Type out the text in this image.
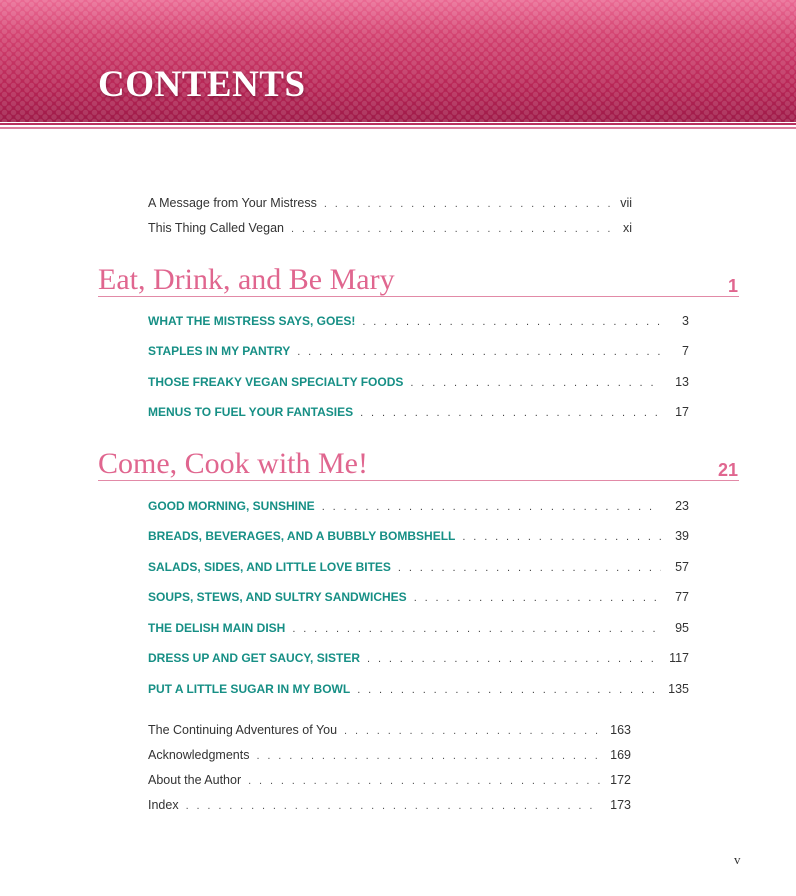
CONTENTS
A Message from Your Mistress . . .	vii
This Thing Called Vegan . . .	xi
Eat, Drink, and Be Mary	1
WHAT THE MISTRESS SAYS, GOES! . . .	3
STAPLES IN MY PANTRY . . .	7
THOSE FREAKY VEGAN SPECIALTY FOODS . . .	13
MENUS TO FUEL YOUR FANTASIES . . .	17
Come, Cook with Me!	21
GOOD MORNING, SUNSHINE . . .	23
BREADS, BEVERAGES, AND A BUBBLY BOMBSHELL . . .	39
SALADS, SIDES, AND LITTLE LOVE BITES . . .	57
SOUPS, STEWS, AND SULTRY SANDWICHES . . .	77
THE DELISH MAIN DISH . . .	95
DRESS UP AND GET SAUCY, SISTER . . .	117
PUT A LITTLE SUGAR IN MY BOWL . . .	135
The Continuing Adventures of You . . .	163
Acknowledgments . . .	169
About the Author . . .	172
Index . . .	173
v
